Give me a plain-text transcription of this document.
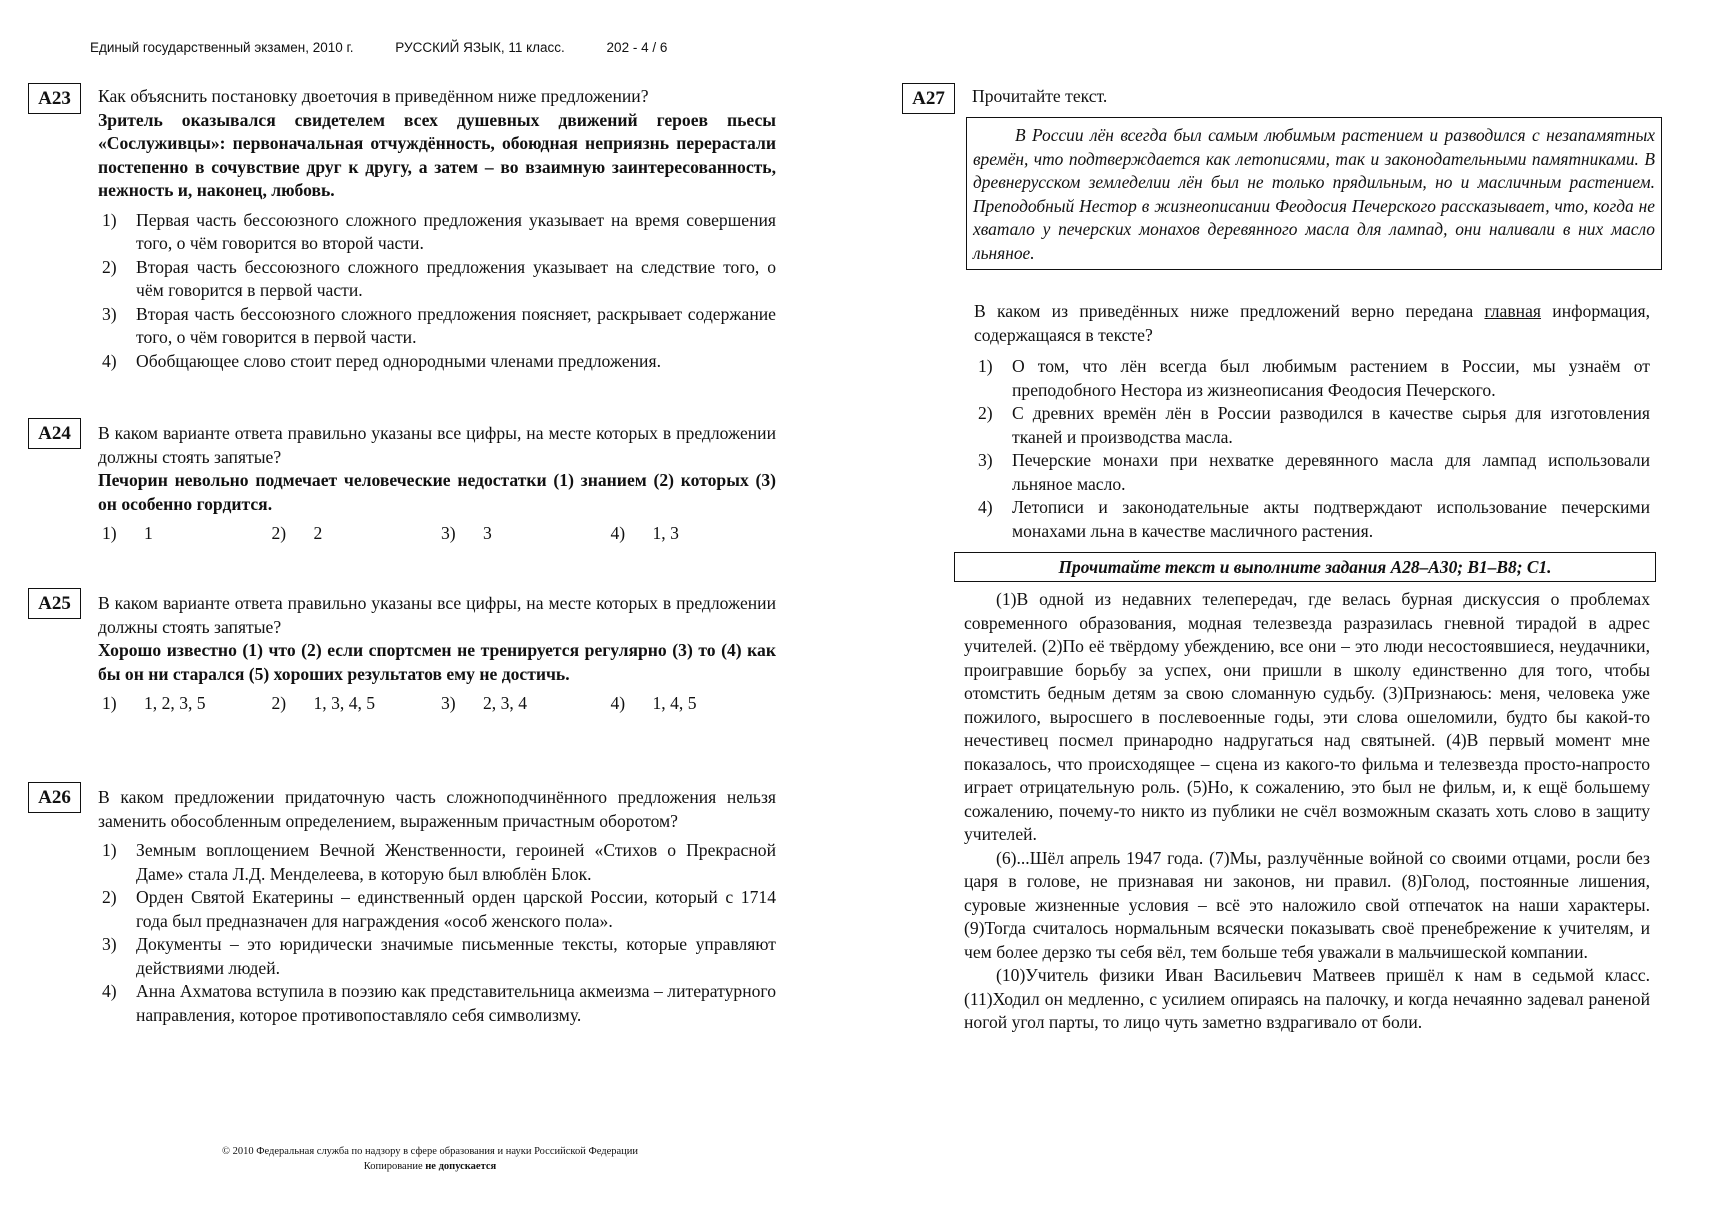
Единый государственный экзамен, 2010 г.	РУССКИЙ ЯЗЫК, 11 класс.	202 - 4 / 6
А23	Как объяснить постановку двоеточия в приведённом ниже предложении?

Зритель оказывался свидетелем всех душевных движений героев пьесы «Сослуживцы»: первоначальная отчуждённость, обоюдная неприязнь перерастали постепенно в сочувствие друг к другу, а затем – во взаимную заинтересованность, нежность и, наконец, любовь.

1) Первая часть бессоюзного сложного предложения указывает на время совершения того, о чём говорится во второй части.
2) Вторая часть бессоюзного сложного предложения указывает на следствие того, о чём говорится в первой части.
3) Вторая часть бессоюзного сложного предложения поясняет, раскрывает содержание того, о чём говорится в первой части.
4) Обобщающее слово стоит перед однородными членами предложения.
А24	В каком варианте ответа правильно указаны все цифры, на месте которых в предложении должны стоять запятые?

Печорин невольно подмечает человеческие недостатки (1) знанием (2) которых (3) он особенно гордится.

1) 1	2) 2	3) 3	4) 1, 3
А25	В каком варианте ответа правильно указаны все цифры, на месте которых в предложении должны стоять запятые?

Хорошо известно (1) что (2) если спортсмен не тренируется регулярно (3) то (4) как бы он ни старался (5) хороших результатов ему не достичь.

1) 1, 2, 3, 5	2) 1, 3, 4, 5	3) 2, 3, 4	4) 1, 4, 5
А26	В каком предложении придаточную часть сложноподчинённого предложения нельзя заменить обособленным определением, выраженным причастным оборотом?

1) Земным воплощением Вечной Женственности, героиней «Стихов о Прекрасной Даме» стала Л.Д. Менделеева, в которую был влюблён Блок.
2) Орден Святой Екатерины – единственный орден царской России, который с 1714 года был предназначен для награждения «особ женского пола».
3) Документы – это юридически значимые письменные тексты, которые управляют действиями людей.
4) Анна Ахматова вступила в поэзию как представительница акмеизма – литературного направления, которое противопоставляло себя символизму.
© 2010 Федеральная служба по надзору в сфере образования и науки Российской Федерации
Копирование не допускается
А27	Прочитайте текст.

В России лён всегда был самым любимым растением и разводился с незапамятных времён, что подтверждается как летописями, так и законодательными памятниками. В древнерусском земледелии лён был не только прядильным, но и масличным растением. Преподобный Нестор в жизнеописании Феодосия Печерского рассказывает, что, когда не хватало у печерских монахов деревянного масла для лампад, они наливали в них масло льняное.

В каком из приведённых ниже предложений верно передана главная информация, содержащаяся в тексте?

1) О том, что лён всегда был любимым растением в России, мы узнаём от преподобного Нестора из жизнеописания Феодосия Печерского.
2) С древних времён лён в России разводился в качестве сырья для изготовления тканей и производства масла.
3) Печерские монахи при нехватке деревянного масла для лампад использовали льняное масло.
4) Летописи и законодательные акты подтверждают использование печерскими монахами льна в качестве масличного растения.
Прочитайте текст и выполните задания А28–А30; В1–В8; С1.

(1)В одной из недавних телепередач, где велась бурная дискуссия о проблемах современного образования, модная телезвезда разразилась гневной тирадой в адрес учителей. (2)По её твёрдому убеждению, все они – это люди несостоявшиеся, неудачники, проигравшие борьбу за успех, они пришли в школу единственно для того, чтобы отомстить бедным детям за свою сломанную судьбу. (3)Признаюсь: меня, человека уже пожилого, выросшего в послевоенные годы, эти слова ошеломили, будто бы какой-то нечестивец посмел принародно надругаться над святыней. (4)В первый момент мне показалось, что происходящее – сцена из какого-то фильма и телезвезда просто-напросто играет отрицательную роль. (5)Но, к сожалению, это был не фильм, и, к ещё большему сожалению, почему-то никто из публики не счёл возможным сказать хоть слово в защиту учителей.

(6)...Шёл апрель 1947 года. (7)Мы, разлучённые войной со своими отцами, росли без царя в голове, не признавая ни законов, ни правил. (8)Голод, постоянные лишения, суровые жизненные условия – всё это наложило свой отпечаток на наши характеры. (9)Тогда считалось нормальным всячески показывать своё пренебрежение к учителям, и чем более дерзко ты себя вёл, тем больше тебя уважали в мальчишеской компании.

(10)Учитель физики Иван Васильевич Матвеев пришёл к нам в седьмой класс. (11)Ходил он медленно, с усилием опираясь на палочку, и когда нечаянно задевал раненой ногой угол парты, то лицо чуть заметно вздрагивало от боли.
